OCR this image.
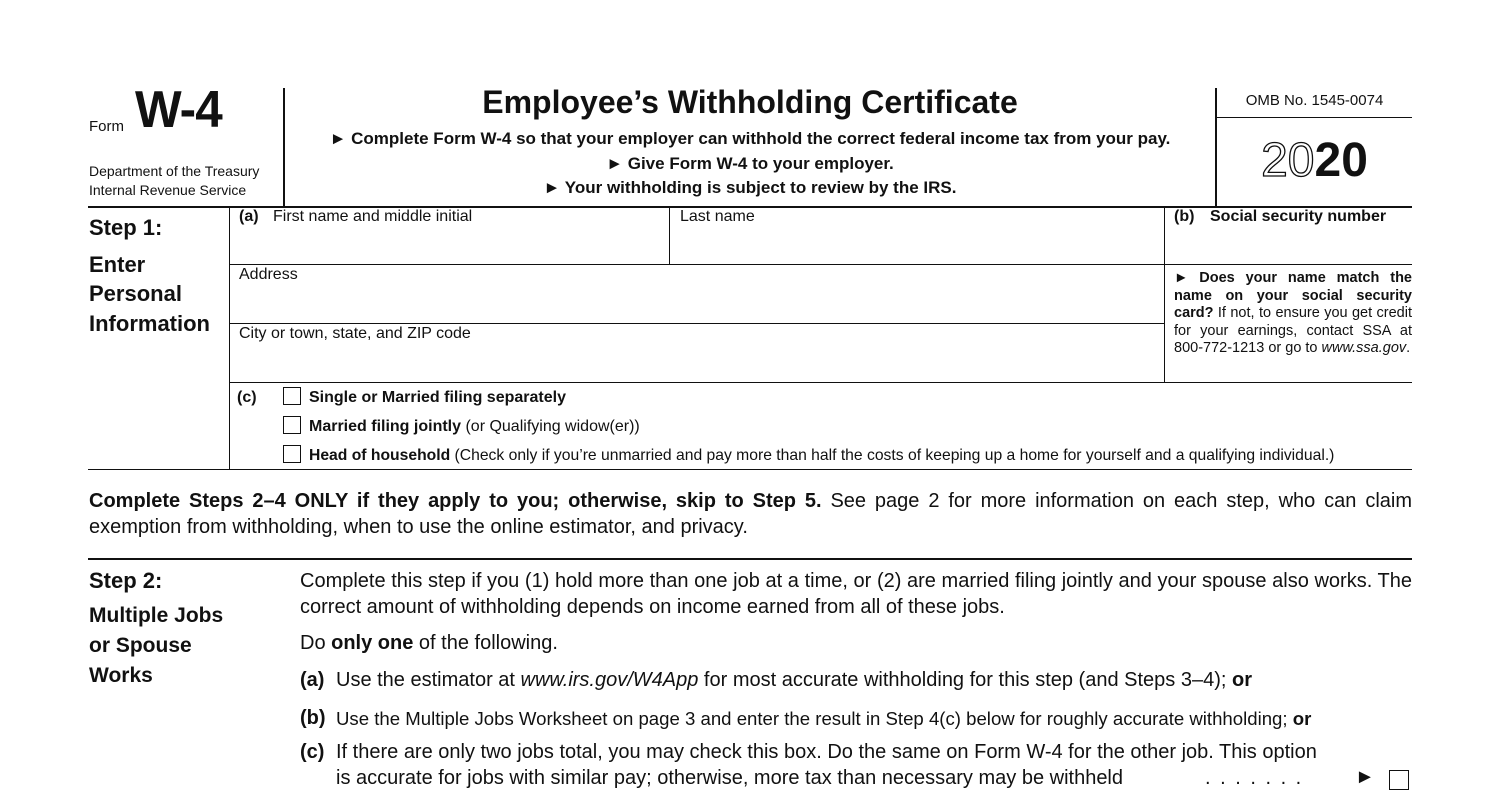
Form W-4
Department of the Treasury
Internal Revenue Service
Employee’s Withholding Certificate
► Complete Form W-4 so that your employer can withhold the correct federal income tax from your pay.
► Give Form W-4 to your employer.
► Your withholding is subject to review by the IRS.
OMB No. 1545-0074
2020
Step 1:
Enter
Personal
Information
(a) First name and middle initial	Last name	(b) Social security number
Address
City or town, state, and ZIP code
► Does your name match the name on your social security card? If not, to ensure you get credit for your earnings, contact SSA at 800-772-1213 or go to www.ssa.gov.
(c)	Single or Married filing separately
Married filing jointly (or Qualifying widow(er))
Head of household (Check only if you’re unmarried and pay more than half the costs of keeping up a home for yourself and a qualifying individual.)
Complete Steps 2–4 ONLY if they apply to you; otherwise, skip to Step 5. See page 2 for more information on each step, who can claim exemption from withholding, when to use the online estimator, and privacy.
Step 2:
Multiple Jobs
or Spouse
Works
Complete this step if you (1) hold more than one job at a time, or (2) are married filing jointly and your spouse also works. The correct amount of withholding depends on income earned from all of these jobs.
Do only one of the following.
(a) Use the estimator at www.irs.gov/W4App for most accurate withholding for this step (and Steps 3–4); or
(b) Use the Multiple Jobs Worksheet on page 3 and enter the result in Step 4(c) below for roughly accurate withholding; or
(c) If there are only two jobs total, you may check this box. Do the same on Form W-4 for the other job. This option
is accurate for jobs with similar pay; otherwise, more tax than necessary may be withheld	. . . . . . .	►
